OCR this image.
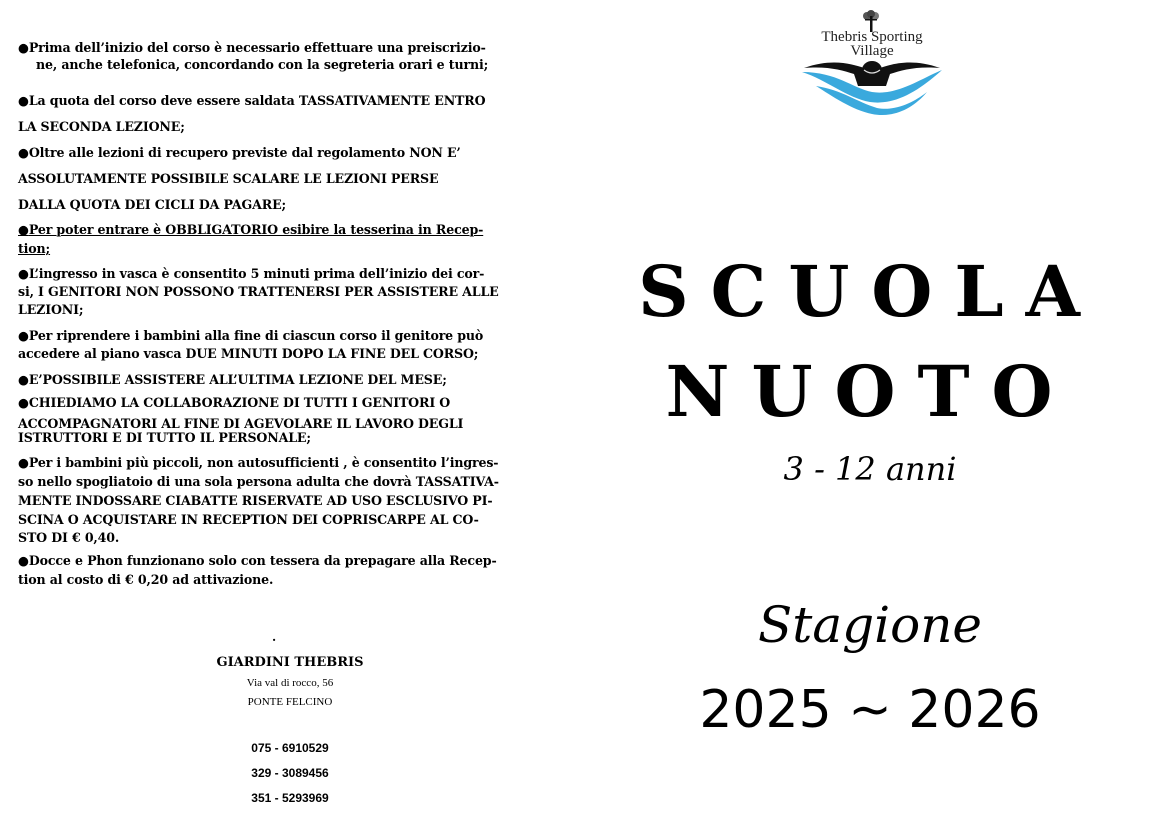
●Prima dell’inizio del corso è necessario effettuare una preiscrizio-

ne, anche telefonica, concordando con la segreteria orari e turni;

●La quota del corso deve essere saldata TASSATIVAMENTE ENTRO

LA SECONDA LEZIONE;

●Oltre alle lezioni di recupero previste dal regolamento NON E’

ASSOLUTAMENTE POSSIBILE SCALARE LE LEZIONI PERSE

DALLA QUOTA DEI CICLI DA PAGARE;

●Per poter entrare è OBBLIGATORIO esibire la tesserina in Recep-

tion;

●L’ingresso in vasca è consentito 5 minuti prima dell’inizio dei cor-

si, I GENITORI NON POSSONO TRATTENERSI PER ASSISTERE ALLE

LEZIONI;

●Per riprendere i bambini alla fine di ciascun corso il genitore può

accedere al piano vasca DUE MINUTI DOPO LA FINE DEL CORSO;

●E’POSSIBILE ASSISTERE ALL’ULTIMA LEZIONE DEL MESE;

●CHIEDIAMO LA COLLABORAZIONE DI TUTTI I GENITORI O

ACCOMPAGNATORI AL FINE DI AGEVOLARE IL LAVORO DEGLI

ISTRUTTORI E DI TUTTO IL PERSONALE;

●Per i bambini più piccoli, non autosufficienti , è consentito l’ingres-

so nello spogliatoio di una sola persona adulta che dovrà TASSATIVA-

MENTE INDOSSARE CIABATTE RISERVATE AD USO ESCLUSIVO PI-

SCINA O ACQUISTARE IN RECEPTION DEI COPRISCARPE AL CO-

STO DI € 0,40.

●Docce e Phon funzionano solo con tessera da prepagare alla Recep-

tion al costo di € 0,20 ad attivazione.

.
GIARDINI THEBRIS
Via val di rocco, 56
PONTE FELCINO
075 - 6910529
329 - 3089456
351 - 5293969
Thebris Sporting
Village
SCUOLA
NUOTO
3 - 12 anni
Stagione
2025 ~ 2026
